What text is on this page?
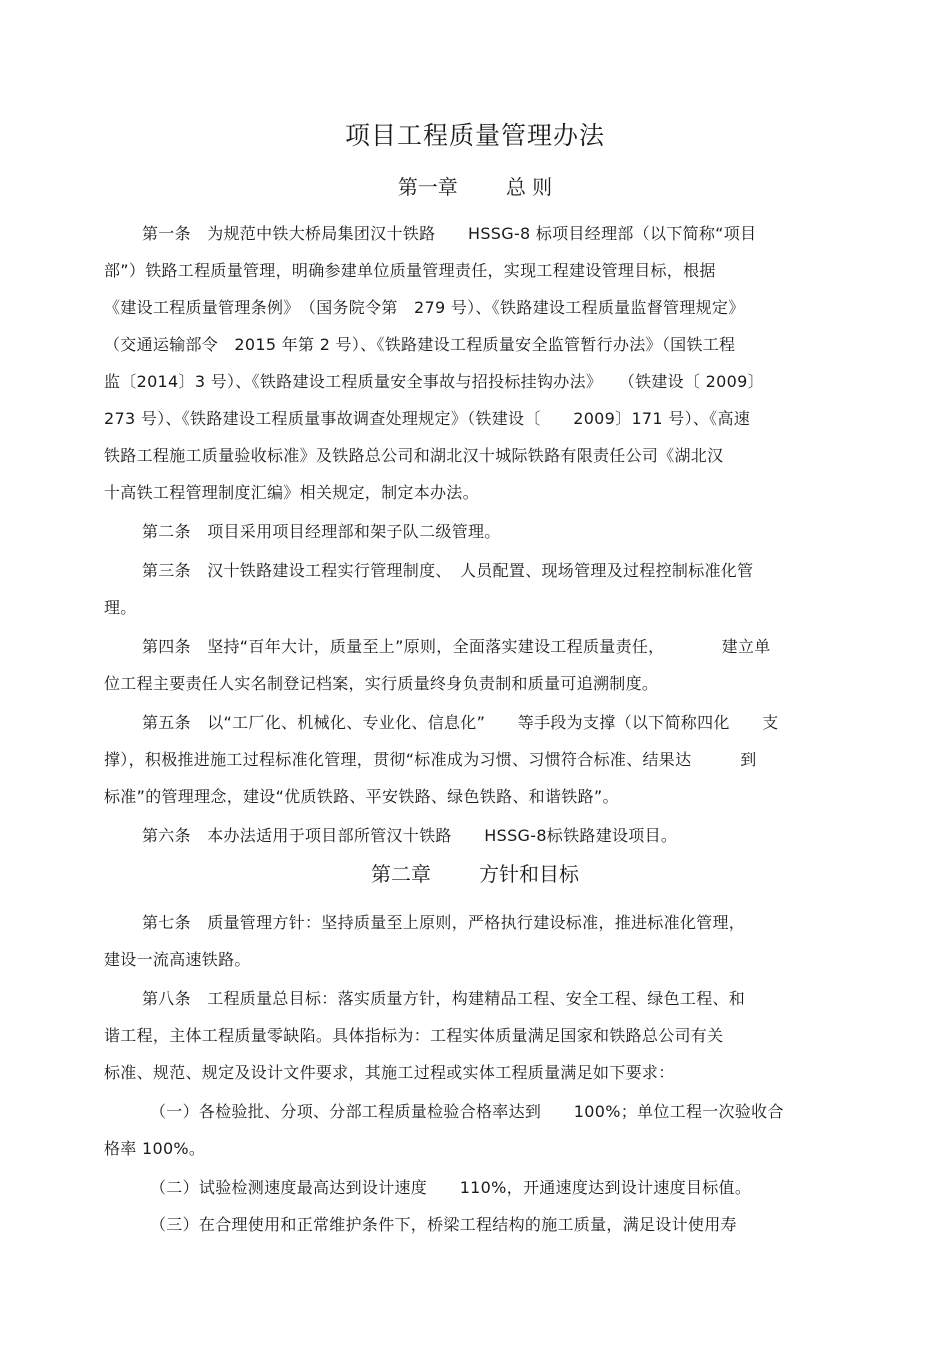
项目工程质量管理办法
第一章 总 则
第一条　为规范中铁大桥局集团汉十铁路　　HSSG-8 标项目经理部（以下简称“项目
部”）铁路工程质量管理，明确参建单位质量管理责任，实现工程建设管理目标，根据
《建设工程质量管理条例》　（国务院令第　279 号）、《铁路建设工程质量监督管理规定》
（交通运输部令　2015 年第 2 号）、《铁路建设工程质量安全监管暂行办法》（国铁工程
监〔2014〕3 号）、《铁路建设工程质量安全事故与招投标挂钩办法》　　（铁建设〔 2009〕
273 号）、《铁路建设工程质量事故调查处理规定》（铁建设〔　　2009〕171 号）、《高速
铁路工程施工质量验收标准》及铁路总公司和湖北汉十城际铁路有限责任公司《湖北汉
十高铁工程管理制度汇编》相关规定，制定本办法。
第二条　项目采用项目经理部和架子队二级管理。
第三条　汉十铁路建设工程实行管理制度、　人员配置、现场管理及过程控制标准化管
理。
第四条　坚持“百年大计，质量至上”原则，全面落实建设工程质量责任，　　　　建立单
位工程主要责任人实名制登记档案，实行质量终身负责制和质量可追溯制度。
第五条　以“工厂化、机械化、专业化、信息化”　　等手段为支撑（以下简称四化　　支
撑），积极推进施工过程标准化管理，贯彻“标准成为习惯、习惯符合标准、结果达　　　到
标准”的管理理念，建设“优质铁路、平安铁路、绿色铁路、和谐铁路”。
第六条　本办法适用于项目部所管汉十铁路　　HSSG-8标铁路建设项目。
第二章 方针和目标
第七条　质量管理方针：坚持质量至上原则，严格执行建设标准，推进标准化管理，
建设一流高速铁路。
第八条　工程质量总目标：落实质量方针，构建精品工程、安全工程、绿色工程、和
谐工程，主体工程质量零缺陷。具体指标为：工程实体质量满足国家和铁路总公司有关
标准、规范、规定及设计文件要求，其施工过程或实体工程质量满足如下要求：
（一）各检验批、分项、分部工程质量检验合格率达到　　100%；单位工程一次验收合
格率 100%。
（二）试验检测速度最高达到设计速度　　110%，开通速度达到设计速度目标值。
（三）在合理使用和正常维护条件下，桥梁工程结构的施工质量，满足设计使用寿
